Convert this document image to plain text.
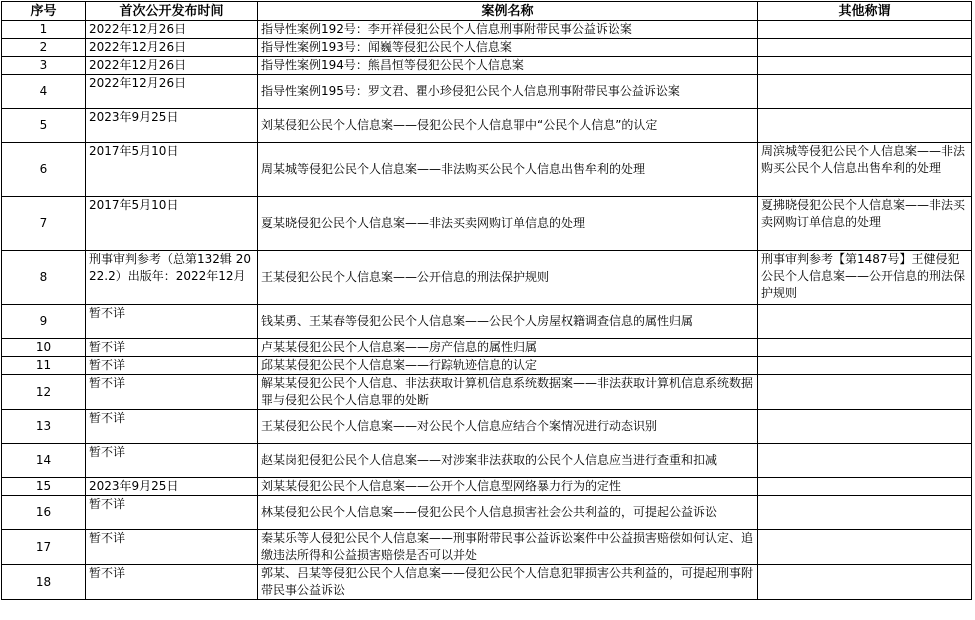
序号	首次公开发布时间	案例名称	其他称谓
1	2022年12月26日	指导性案例192号：李开祥侵犯公民个人信息刑事附带民事公益诉讼案	
2	2022年12月26日	指导性案例193号：闻巍等侵犯公民个人信息案	
3	2022年12月26日	指导性案例194号：熊昌恒等侵犯公民个人信息案	
4	2022年12月26日	指导性案例195号：罗文君、瞿小珍侵犯公民个人信息刑事附带民事公益诉讼案	
5	2023年9月25日	刘某侵犯公民个人信息案——侵犯公民个人信息罪中“公民个人信息”的认定	
6	2017年5月10日	周某城等侵犯公民个人信息案——非法购买公民个人信息出售牟利的处理	周滨城等侵犯公民个人信息案——非法购买公民个人信息出售牟利的处理
7	2017年5月10日	夏某晓侵犯公民个人信息案——非法买卖网购订单信息的处理	夏拂晓侵犯公民个人信息案——非法买卖网购订单信息的处理
8	刑事审判参考（总第132辑 2022.2）出版年：2022年12月	王某侵犯公民个人信息案——公开信息的刑法保护规则	刑事审判参考【第1487号】王健侵犯公民个人信息案——公开信息的刑法保护规则
9	暂不详	钱某勇、王某春等侵犯公民个人信息案——公民个人房屋权籍调查信息的属性归属	
10	暂不详	卢某某侵犯公民个人信息案——房产信息的属性归属	
11	暂不详	邱某某侵犯公民个人信息案——行踪轨迹信息的认定	
12	暂不详	解某某侵犯公民个人信息、非法获取计算机信息系统数据案——非法获取计算机信息系统数据罪与侵犯公民个人信息罪的处断	
13	暂不详	王某侵犯公民个人信息案——对公民个人信息应结合个案情况进行动态识别	
14	暂不详	赵某岗犯侵犯公民个人信息案——对涉案非法获取的公民个人信息应当进行查重和扣减	
15	2023年9月25日	刘某某侵犯公民个人信息案——公开个人信息型网络暴力行为的定性	
16	暂不详	林某侵犯公民个人信息案——侵犯公民个人信息损害社会公共利益的，可提起公益诉讼	
17	暂不详	秦某乐等人侵犯公民个人信息案——刑事附带民事公益诉讼案件中公益损害赔偿如何认定、追缴违法所得和公益损害赔偿是否可以并处	
18	暂不详	郭某、吕某等侵犯公民个人信息案——侵犯公民个人信息犯罪损害公共利益的，可提起刑事附带民事公益诉讼	
